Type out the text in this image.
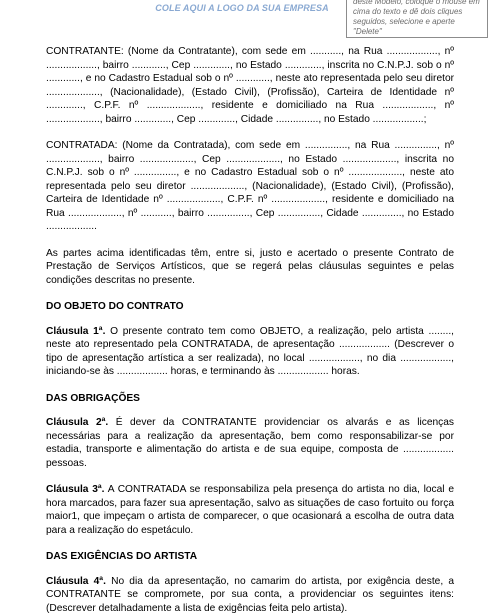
COLE AQUI A LOGO DA SUA EMPRESA
deste Modelo, coloque o mouse em cima do texto e dê dois cliques seguidos, selecione e aperte "Delete"

CONTRATANTE: (Nome da Contratante), com sede em ..........., na Rua .................., nº .................., bairro ............, Cep ............., no Estado ............., inscrita no C.N.P.J. sob o nº ............, e no Cadastro Estadual sob o nº ............, neste ato representada pelo seu diretor ..................., (Nacionalidade), (Estado Civil), (Profissão), Carteira de Identidade nº ............., C.P.F. nº ..................., residente e domiciliado na Rua .................., nº ..................., bairro ............., Cep ............., Cidade ..............., no Estado ..................;

CONTRATADA: (Nome da Contratada), com sede em ..............., na Rua ..............., nº ..................., bairro ..................., Cep ..................., no Estado ..................., inscrita no C.N.P.J. sob o nº ..............., e no Cadastro Estadual sob o nº ..................., neste ato representada pelo seu diretor ..................., (Nacionalidade), (Estado Civil), (Profissão), Carteira de Identidade nº ..................., C.P.F. nº ..................., residente e domiciliado na Rua ..................., nº ..........., bairro ..............., Cep ..............., Cidade .............., no Estado ..................

As partes acima identificadas têm, entre si, justo e acertado o presente Contrato de Prestação de Serviços Artísticos, que se regerá pelas cláusulas seguintes e pelas condições descritas no presente.

DO OBJETO DO CONTRATO

Cláusula 1ª. O presente contrato tem como OBJETO, a realização, pelo artista ........, neste ato representado pela CONTRATADA, de apresentação .................. (Descrever o tipo de apresentação artística a ser realizada), no local .................., no dia .................., iniciando-se às .................. horas, e terminando às .................. horas.

DAS OBRIGAÇÕES

Cláusula 2ª. É dever da CONTRATANTE providenciar os alvarás e as licenças necessárias para a realização da apresentação, bem como responsabilizar-se por estadia, transporte e alimentação do artista e de sua equipe, composta de .................. pessoas.

Cláusula 3ª. A CONTRATADA se responsabiliza pela presença do artista no dia, local e hora marcados, para fazer sua apresentação, salvo as situações de caso fortuito ou força maior1, que impeçam o artista de comparecer, o que ocasionará a escolha de outra data para a realização do espetáculo.

DAS EXIGÊNCIAS DO ARTISTA

Cláusula 4ª. No dia da apresentação, no camarim do artista, por exigência deste, a CONTRATANTE se compromete, por sua conta, a providenciar os seguintes itens: (Descrever detalhadamente a lista de exigências feita pelo artista).
